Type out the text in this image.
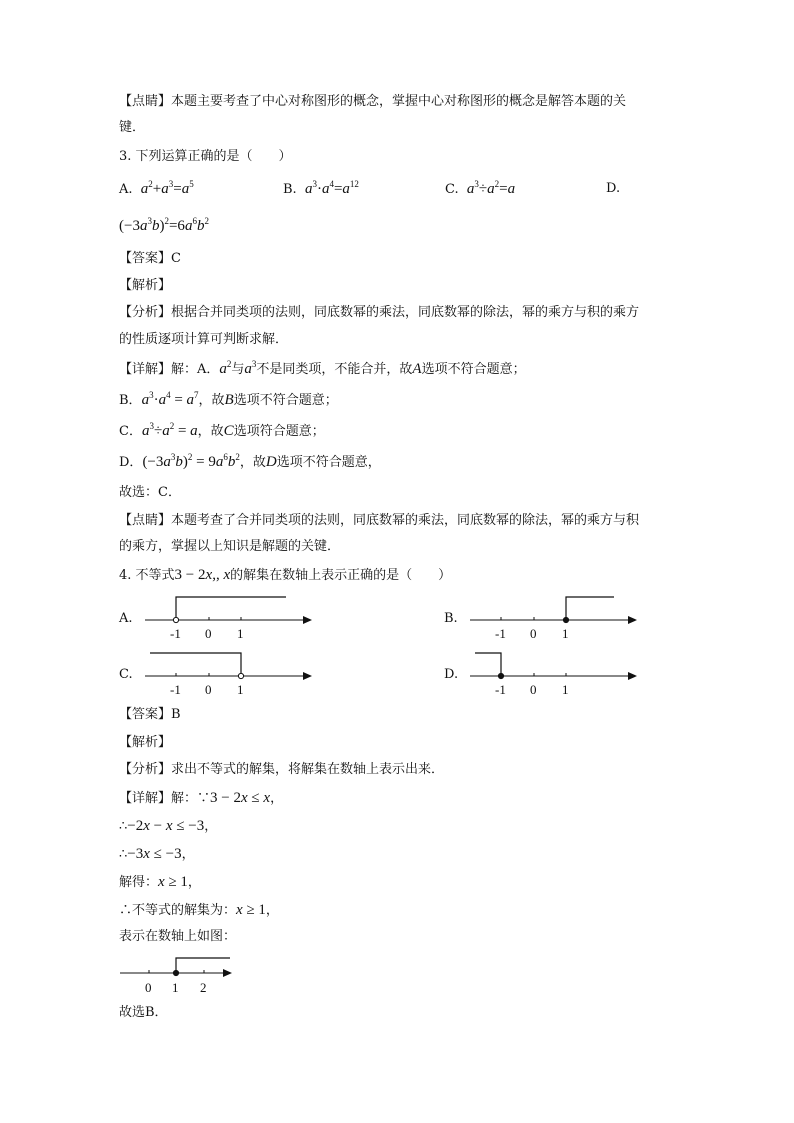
【点睛】本题主要考查了中心对称图形的概念，掌握中心对称图形的概念是解答本题的关
键．
3. 下列运算正确的是（　　）
A. $a^2+a^3=a^5$	B. $a^3\cdot a^4=a^{12}$	C. $a^3\div a^2=a$	D.
$(-3a^3b)^2=6a^6b^2$
【答案】C
【解析】
【分析】根据合并同类项的法则，同底数幂的乘法，同底数幂的除法，幂的乘方与积的乘方
的性质逐项计算可判断求解．
【详解】解：A．$a^2$与$a^3$不是同类项，不能合并，故A选项不符合题意；
B．$a^3\cdot a^4 = a^7$，故B选项不符合题意；
C．$a^3\div a^2 = a$，故C选项符合题意；
D．$(-3a^3b)^2 = 9a^6b^2$，故D选项不符合题意，
故选：C．
【点睛】本题考查了合并同类项的法则，同底数幂的乘法，同底数幂的除法，幂的乘方与积
的乘方，掌握以上知识是解题的关键．
4. 不等式3 − 2x,, x的解集在数轴上表示正确的是（　　）
A.	B.
C.	D.
-1 0 1	-1 0 1
-1 0 1	-1 0 1
【答案】B
【解析】
【分析】求出不等式的解集，将解集在数轴上表示出来．
【详解】解：∵3 − 2x ≤ x，
∴−2x − x ≤ −3，
∴−3x ≤ −3，
解得：x ≥ 1，
∴不等式的解集为：x ≥ 1，
表示在数轴上如图：
0 1 2
故选B．
